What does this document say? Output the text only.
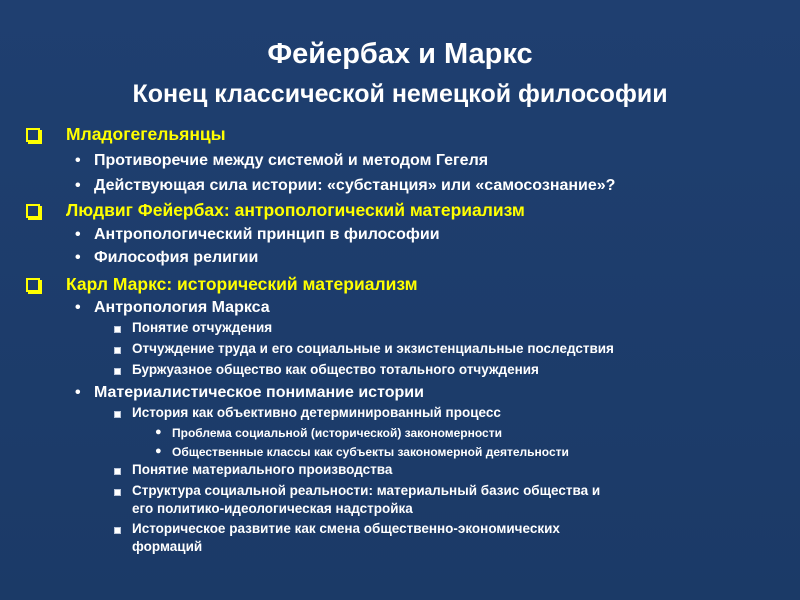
Фейербах и Маркс
Конец классической немецкой философии
Младогегельянцы
• Противоречие между системой и методом Гегеля
• Действующая сила истории: «субстанция» или «самосознание»?
Людвиг Фейербах: антропологический материализм
• Антропологический принцип в философии
• Философия религии
Карл Маркс: исторический материализм
• Антропология Маркса
Понятие отчуждения
Отчуждение труда и его социальные и экзистенциальные последствия
Буржуазное общество как общество тотального отчуждения
• Материалистическое понимание истории
История как объективно детерминированный процесс
● Проблема социальной (исторической) закономерности
● Общественные классы как субъекты закономерной деятельности
Понятие материального производства
Структура социальной реальности: материальный базис общества и
его политико-идеологическая надстройка
Историческое развитие как смена общественно-экономических
формаций
